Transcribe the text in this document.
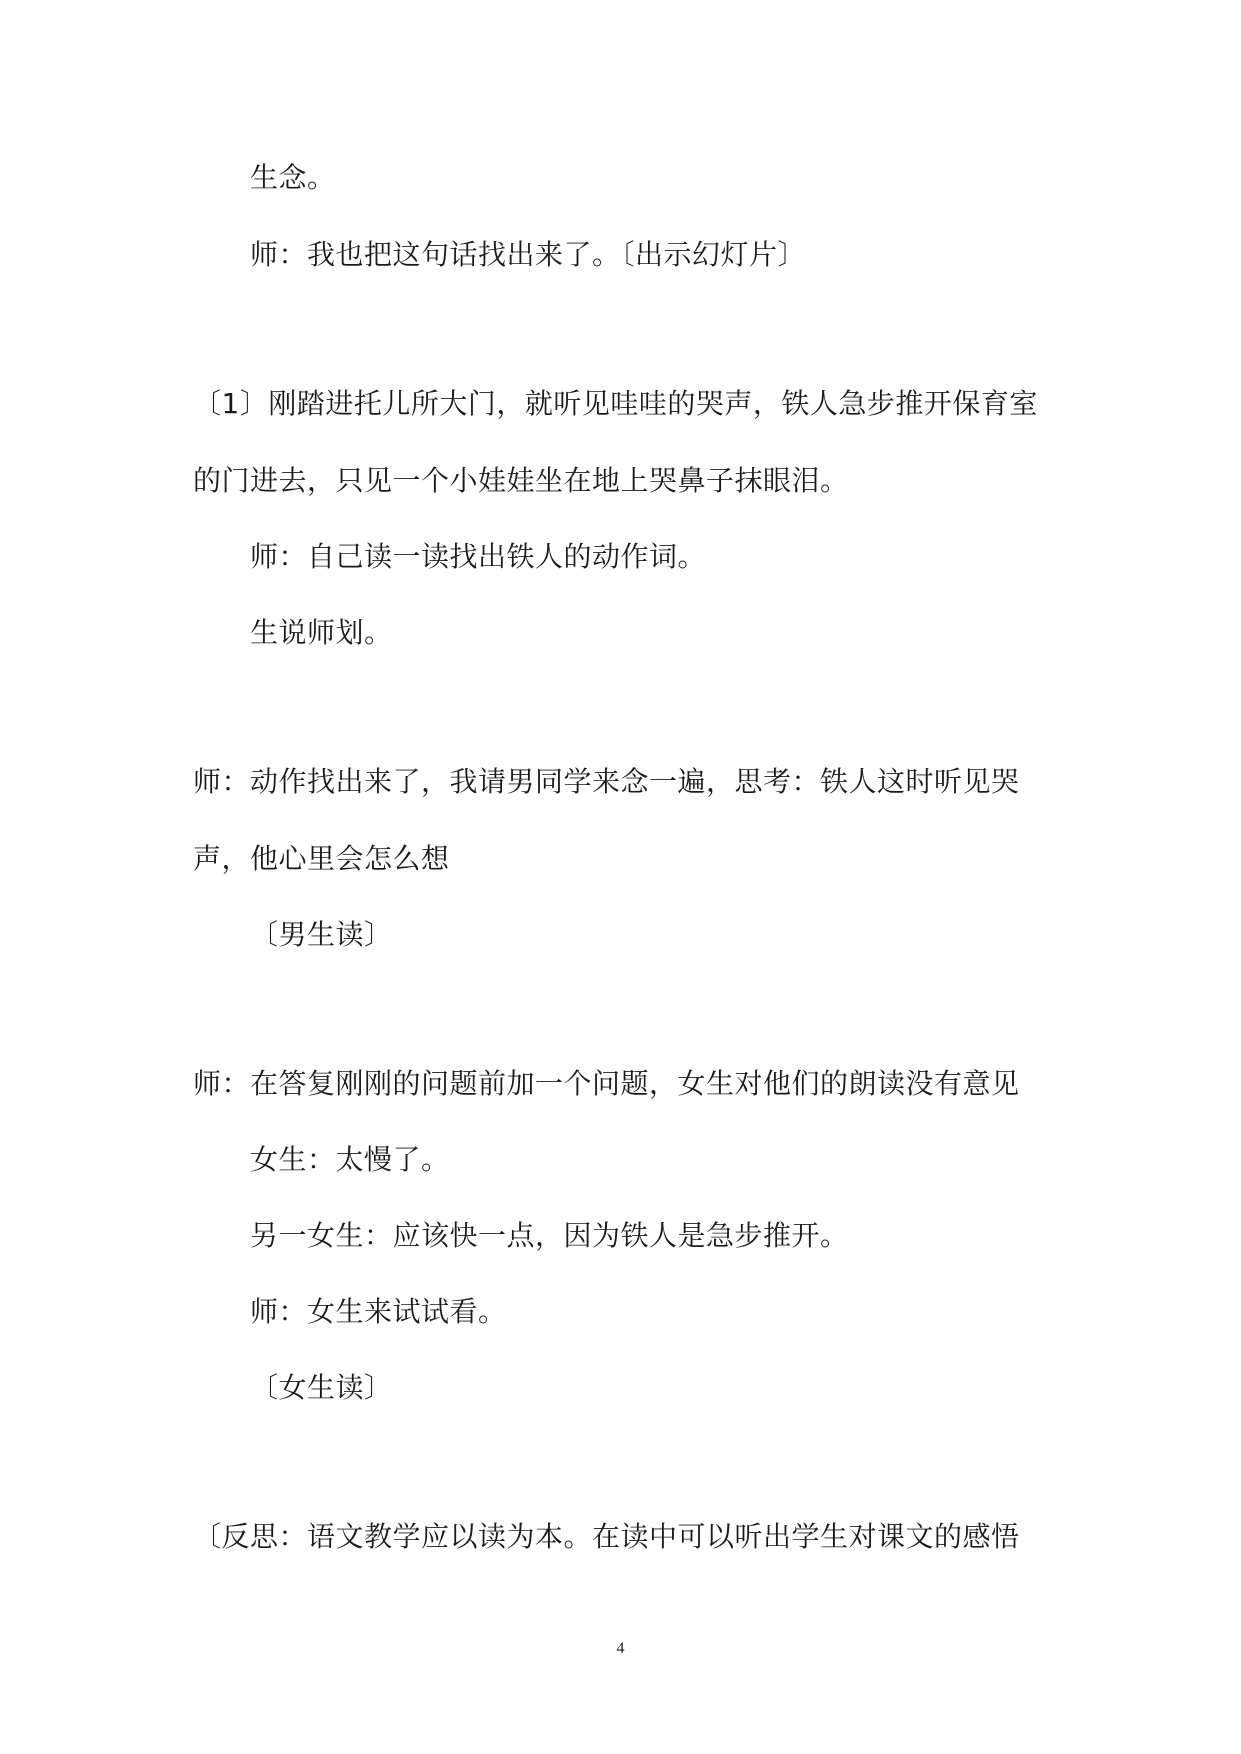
生念。
师：我也把这句话找出来了。〔出示幻灯片〕
〔1〕刚踏进托儿所大门，就听见哇哇的哭声，铁人急步推开保育室
的门进去，只见一个小娃娃坐在地上哭鼻子抹眼泪。
师：自己读一读找出铁人的动作词。
生说师划。
师：动作找出来了，我请男同学来念一遍，思考：铁人这时听见哭
声，他心里会怎么想
〔男生读〕
师：在答复刚刚的问题前加一个问题，女生对他们的朗读没有意见
女生：太慢了。
另一女生：应该快一点，因为铁人是急步推开。
师：女生来试试看。
〔女生读〕
〔反思：语文教学应以读为本。在读中可以听出学生对课文的感悟
4
